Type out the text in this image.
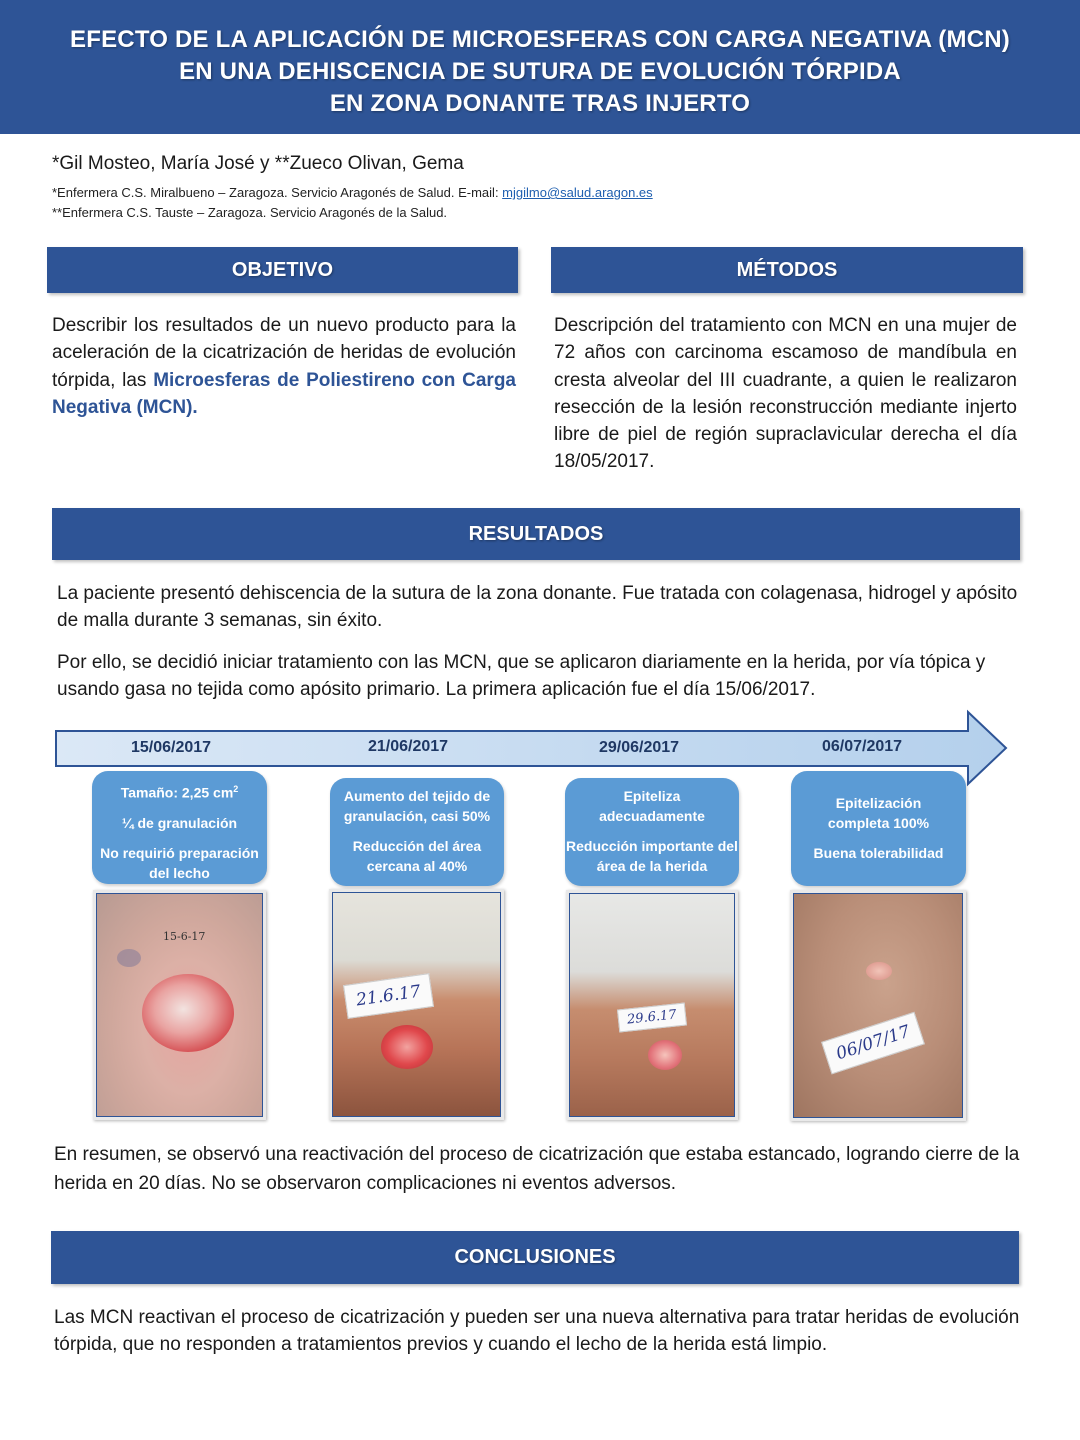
EFECTO DE LA APLICACIÓN DE MICROESFERAS CON CARGA NEGATIVA (MCN)
EN UNA DEHISCENCIA DE SUTURA DE EVOLUCIÓN TÓRPIDA
EN ZONA DONANTE TRAS INJERTO
*Gil Mosteo, María José y **Zueco Olivan, Gema
*Enfermera C.S. Miralbueno – Zaragoza. Servicio Aragonés de Salud. E-mail: mjgilmo@salud.aragon.es
**Enfermera C.S. Tauste – Zaragoza. Servicio Aragonés de la Salud.
OBJETIVO
Describir los resultados de un nuevo producto para la aceleración de la cicatrización de heridas de evolución tórpida, las Microesferas de Poliestireno con Carga Negativa (MCN).
MÉTODOS
Descripción del tratamiento con MCN en una mujer de 72 años con carcinoma escamoso de mandíbula en cresta alveolar del III cuadrante, a quien le realizaron resección de la lesión reconstrucción mediante injerto libre de piel de región supraclavicular derecha el día 18/05/2017.
RESULTADOS
La paciente presentó dehiscencia de la sutura de la zona donante. Fue tratada con colagenasa, hidrogel y apósito de malla durante 3 semanas, sin éxito.
Por ello, se decidió iniciar tratamiento con las MCN, que se aplicaron diariamente en la herida, por vía tópica y usando gasa no tejida como apósito primario. La primera aplicación fue el día 15/06/2017.
15/06/2017	21/06/2017	29/06/2017	06/07/2017

Tamaño: 2,25 $cm^2$

¼ de granulación

No requirió preparación del lecho

Aumento del tejido de granulación, casi 50%

Reducción del área cercana al 40%

Epiteliza adecuadamente

Reducción importante del área de la herida

Epitelización completa 100%

Buena tolerabilidad

15-6-17
21.6.17
29.6.17
06/07/17
En resumen, se observó una reactivación del proceso de cicatrización que estaba estancado, logrando cierre de la herida en 20 días. No se observaron complicaciones ni eventos adversos.
CONCLUSIONES
Las MCN reactivan el proceso de cicatrización y pueden ser una nueva alternativa para tratar heridas de evolución tórpida, que no responden a tratamientos previos y cuando el lecho de la herida está limpio.
